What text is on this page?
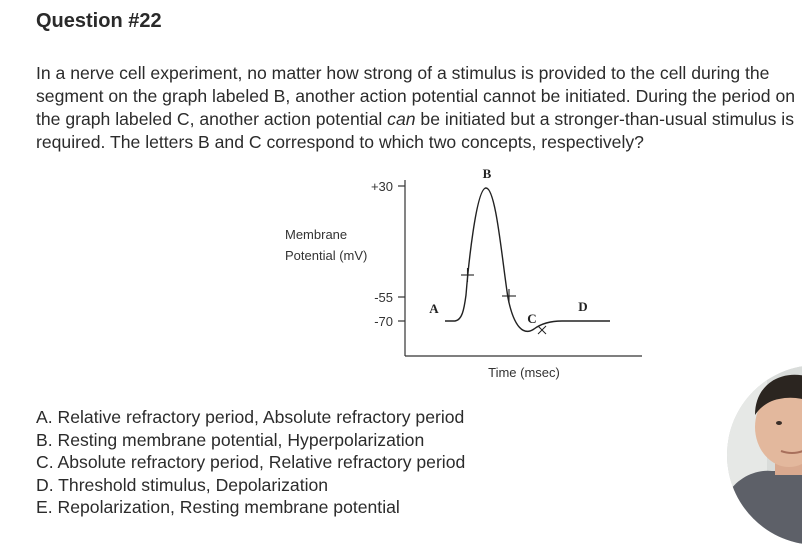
Question #22
In a nerve cell experiment, no matter how strong of a stimulus is provided to the cell during the segment on the graph labeled B, another action potential cannot be initiated. During the period on the graph labeled C, another action potential can be initiated but a stronger-than-usual stimulus is required. The letters B and C correspond to which two concepts, respectively?
+30
-55
-70
Membrane
Potential (mV)
Time (msec)
A
B
C
D
A. Relative refractory period, Absolute refractory period
B. Resting membrane potential, Hyperpolarization
C. Absolute refractory period, Relative refractory period
D. Threshold stimulus, Depolarization
E. Repolarization, Resting membrane potential
